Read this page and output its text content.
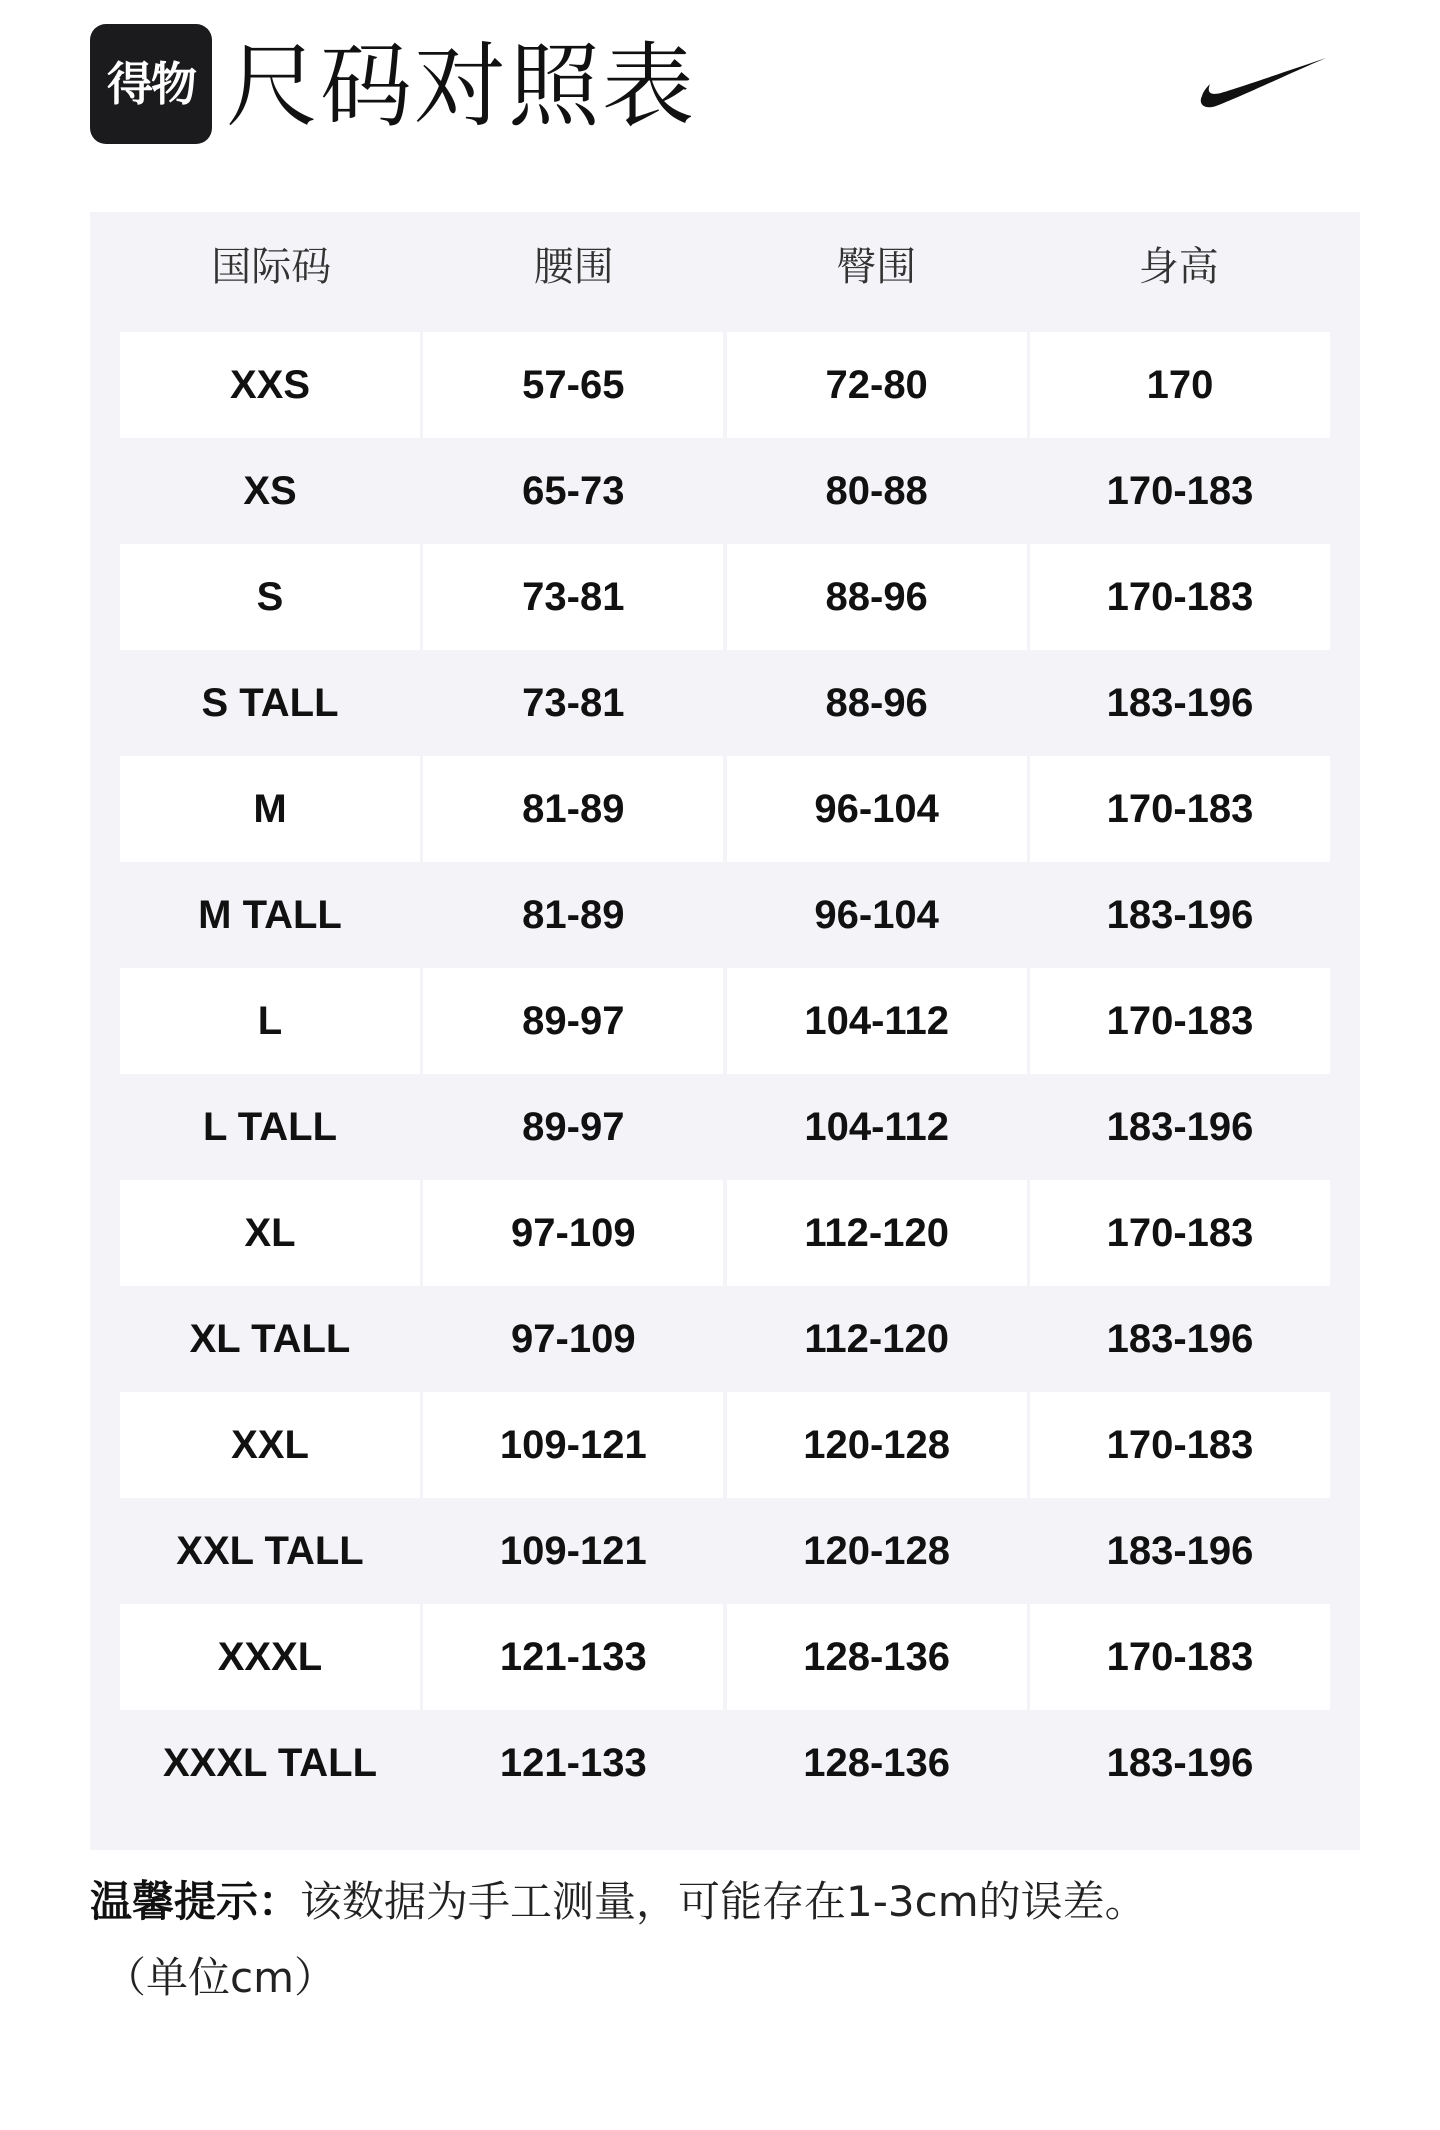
得物 尺码对照表
国际码	腰围	臀围	身高
XXS	57-65	72-80	170
XS	65-73	80-88	170-183
S	73-81	88-96	170-183
S TALL	73-81	88-96	183-196
M	81-89	96-104	170-183
M TALL	81-89	96-104	183-196
L	89-97	104-112	170-183
L TALL	89-97	104-112	183-196
XL	97-109	112-120	170-183
XL TALL	97-109	112-120	183-196
XXL	109-121	120-128	170-183
XXL TALL	109-121	120-128	183-196
XXXL	121-133	128-136	170-183
XXXL TALL	121-133	128-136	183-196
温馨提示：该数据为手工测量，可能存在1-3cm的误差。
（单位cm）
